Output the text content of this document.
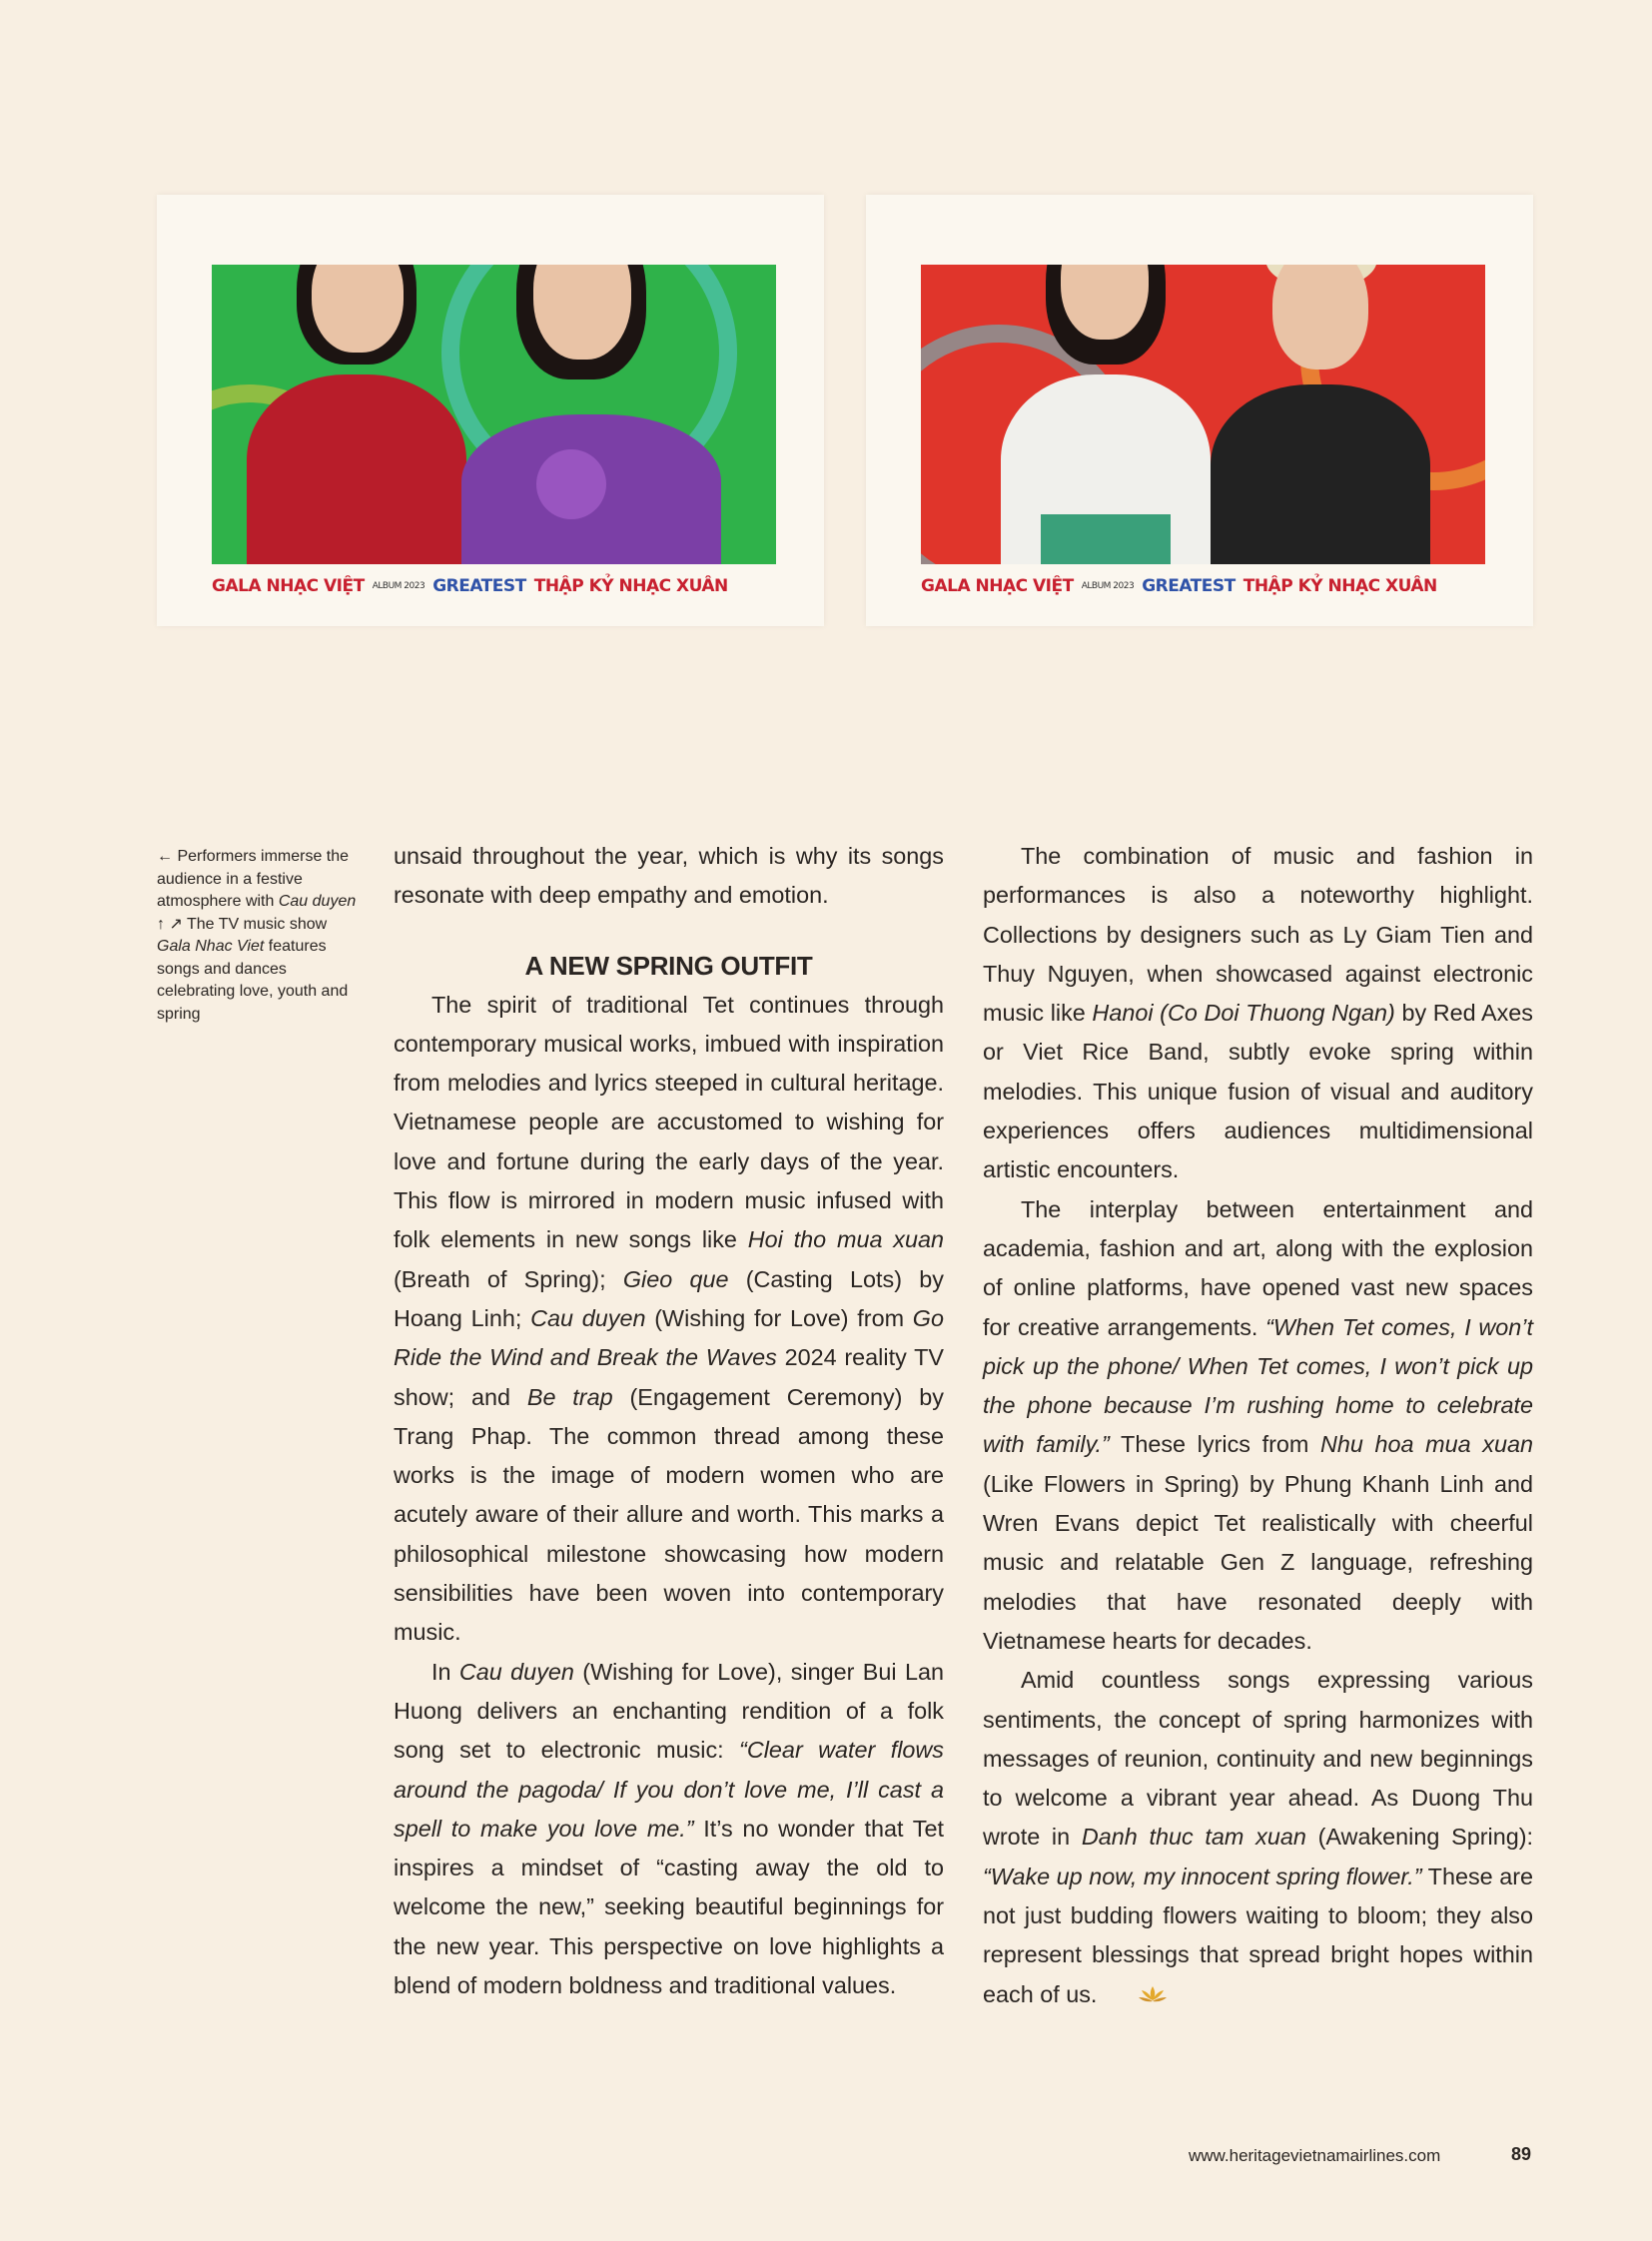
GALA NHẠC VIỆT ALBUM 2023 GREATEST THẬP KỶ NHẠC XUÂN	GALA NHẠC VIỆT ALBUM 2023 GREATEST THẬP KỶ NHẠC XUÂN
← Performers immerse the audience in a festive atmosphere with Cau duyen
↑ ↗ The TV music show Gala Nhac Viet features songs and dances celebrating love, youth and spring

unsaid throughout the year, which is why its songs resonate with deep empathy and emotion.

A NEW SPRING OUTFIT

The spirit of traditional Tet continues through contemporary musical works, imbued with inspiration from melodies and lyrics steeped in cultural heritage. Vietnamese people are accustomed to wishing for love and fortune during the early days of the year. This flow is mirrored in modern music infused with folk elements in new songs like Hoi tho mua xuan (Breath of Spring); Gieo que (Casting Lots) by Hoang Linh; Cau duyen (Wishing for Love) from Go Ride the Wind and Break the Waves 2024 reality TV show; and Be trap (Engagement Ceremony) by Trang Phap. The common thread among these works is the image of modern women who are acutely aware of their allure and worth. This marks a philosophical milestone showcasing how modern sensibilities have been woven into contemporary music.

In Cau duyen (Wishing for Love), singer Bui Lan Huong delivers an enchanting rendition of a folk song set to electronic music: “Clear water flows around the pagoda/ If you don’t love me, I’ll cast a spell to make you love me.” It’s no wonder that Tet inspires a mindset of “casting away the old to welcome the new,” seeking beautiful beginnings for the new year. This perspective on love highlights a blend of modern boldness and traditional values.

The combination of music and fashion in performances is also a noteworthy highlight. Collections by designers such as Ly Giam Tien and Thuy Nguyen, when showcased against electronic music like Hanoi (Co Doi Thuong Ngan) by Red Axes or Viet Rice Band, subtly evoke spring within melodies. This unique fusion of visual and auditory experiences offers audiences multidimensional artistic encounters.

The interplay between entertainment and academia, fashion and art, along with the explosion of online platforms, have opened vast new spaces for creative arrangements. “When Tet comes, I won’t pick up the phone/ When Tet comes, I won’t pick up the phone because I’m rushing home to celebrate with family.” These lyrics from Nhu hoa mua xuan (Like Flowers in Spring) by Phung Khanh Linh and Wren Evans depict Tet realistically with cheerful music and relatable Gen Z language, refreshing melodies that have resonated deeply with Vietnamese hearts for decades.

Amid countless songs expressing various sentiments, the concept of spring harmonizes with messages of reunion, continuity and new beginnings to welcome a vibrant year ahead. As Duong Thu wrote in Danh thuc tam xuan (Awakening Spring): “Wake up now, my innocent spring flower.” These are not just budding flowers waiting to bloom; they also represent blessings that spread bright hopes within each of us.

www.heritagevietnamairlines.com	89
